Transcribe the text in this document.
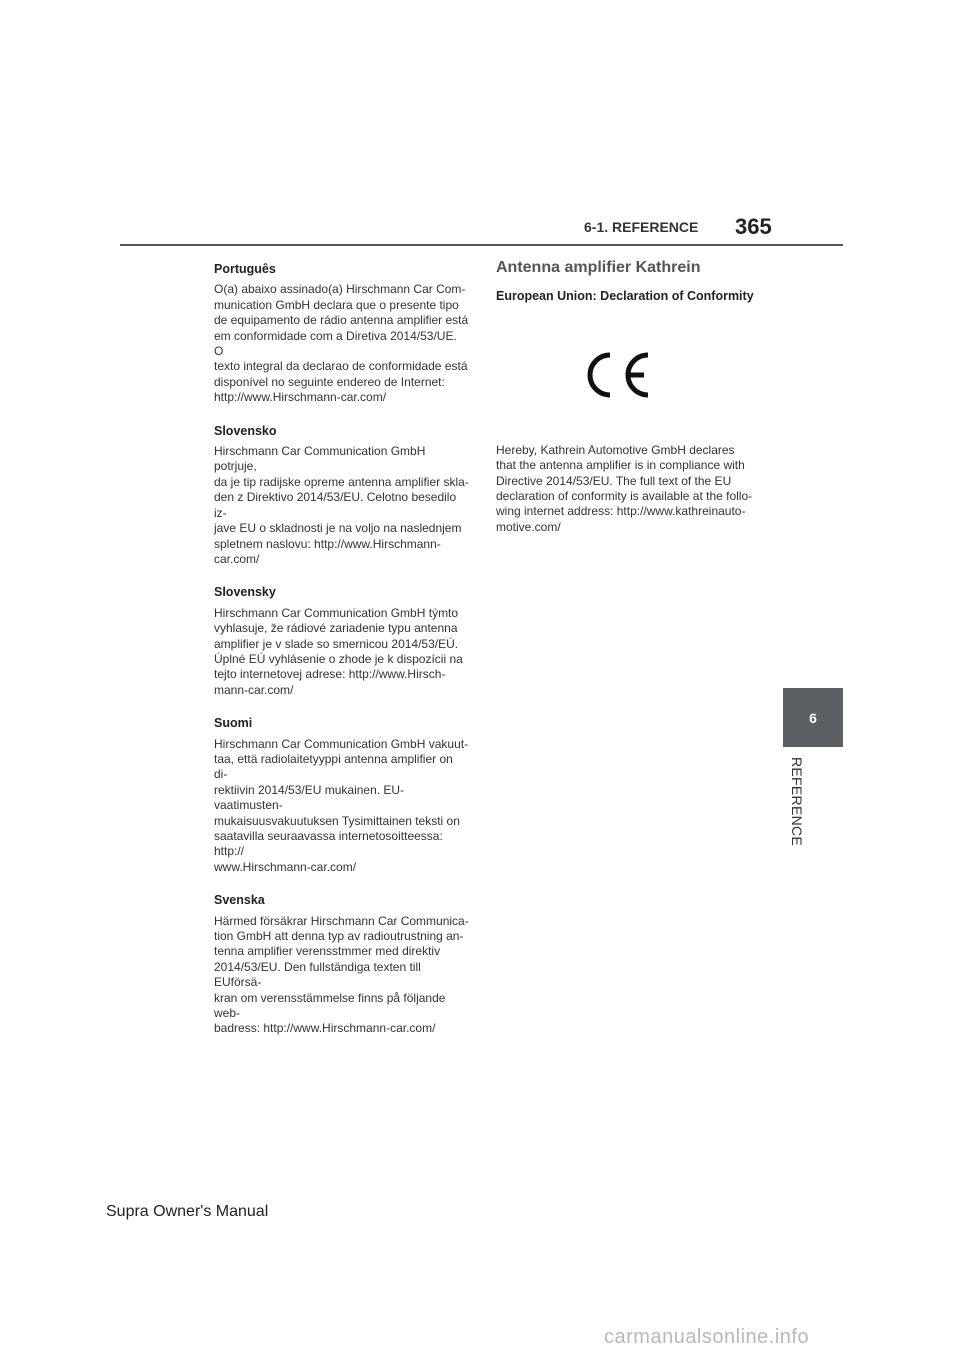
6-1. REFERENCE 365
Português
O(a) abaixo assinado(a) Hirschmann Car Com-
munication GmbH declara que o presente tipo
de equipamento de rádio antenna amplifier está
em conformidade com a Diretiva 2014/53/UE. O
texto integral da declarao de conformidade está
disponível no seguinte endereo de Internet:
http://www.Hirschmann-car.com/
Slovensko
Hirschmann Car Communication GmbH potrjuje,
da je tip radijske opreme antenna amplifier skla-
den z Direktivo 2014/53/EU. Celotno besedilo iz-
jave EU o skladnosti je na voljo na naslednjem
spletnem naslovu: http://www.Hirschmann-
car.com/
Slovensky
Hirschmann Car Communication GmbH týmto
vyhlasuje, že rádiové zariadenie typu antenna
amplifier je v slade so smernicou 2014/53/EÚ.
Úplné EÚ vyhlásenie o zhode je k dispozícii na
tejto internetovej adrese: http://www.Hirsch-
mann-car.com/
Suomi
Hirschmann Car Communication GmbH vakuut-
taa, että radiolaitetyyppi antenna amplifier on di-
rektiivin 2014/53/EU mukainen. EU-vaatimusten-
mukaisuusvakuutuksen Tysimittainen teksti on
saatavilla seuraavassa internetosoitteessa: http://
www.Hirschmann-car.com/
Svenska
Härmed försäkrar Hirschmann Car Communica-
tion GmbH att denna typ av radioutrustning an-
tenna amplifier verensstmmer med direktiv
2014/53/EU. Den fullständiga texten till EUförsä-
kran om verensstämmelse finns på följande web-
badress: http://www.Hirschmann-car.com/
Antenna amplifier Kathrein
European Union: Declaration of Conformity
Hereby, Kathrein Automotive GmbH declares
that the antenna amplifier is in compliance with
Directive 2014/53/EU. The full text of the EU
declaration of conformity is available at the follo-
wing internet address: http://www.kathreinauto-
motive.com/
6
REFERENCE
Supra Owner's Manual
carmanualsonline.info
